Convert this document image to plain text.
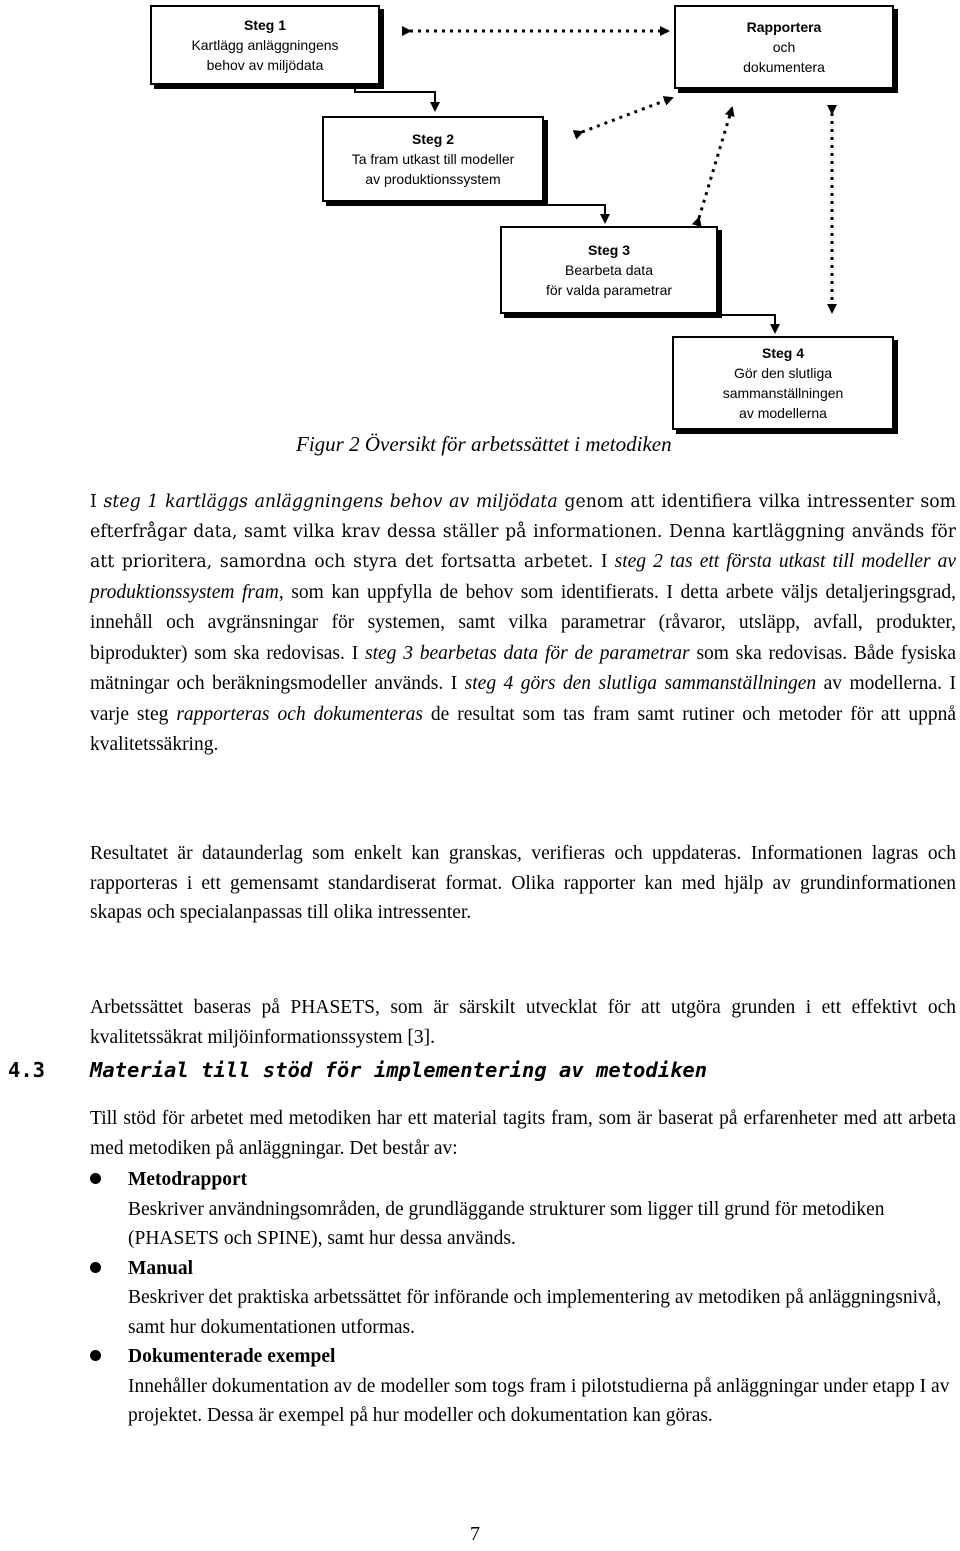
Steg 1
Kartlägg anläggningens
behov av miljödata
Rapportera
och
dokumentera
Steg 2
Ta fram utkast till modeller
av produktionssystem
Steg 3
Bearbeta data
för valda parametrar
Steg 4
Gör den slutliga
sammanställningen
av modellerna
Figur 2 Översikt för arbetssättet i metodiken
I steg 1 kartläggs anläggningens behov av miljödata genom att identifiera vilka intressenter som efterfrågar data, samt vilka krav dessa ställer på informationen. Denna kartläggning används för att prioritera, samordna och styra det fortsatta arbetet. I steg 2 tas ett första utkast till modeller av produktionssystem fram, som kan uppfylla de behov som identifierats. I detta arbete väljs detaljeringsgrad, innehåll och avgränsningar för systemen, samt vilka parametrar (råvaror, utsläpp, avfall, produkter, biprodukter) som ska redovisas. I steg 3 bearbetas data för de parametrar som ska redovisas. Både fysiska mätningar och beräkningsmodeller används. I steg 4 görs den slutliga sammanställningen av modellerna. I varje steg rapporteras och dokumenteras de resultat som tas fram samt rutiner och metoder för att uppnå kvalitetssäkring.
Resultatet är dataunderlag som enkelt kan granskas, verifieras och uppdateras. Informationen lagras och rapporteras i ett gemensamt standardiserat format. Olika rapporter kan med hjälp av grundinformationen skapas och specialanpassas till olika intressenter.
Arbetssättet baseras på PHASETS, som är särskilt utvecklat för att utgöra grunden i ett effektivt och kvalitetssäkrat miljöinformationssystem [3].
4.3 Material till stöd för implementering av metodiken
Till stöd för arbetet med metodiken har ett material tagits fram, som är baserat på erfarenheter med att arbeta med metodiken på anläggningar. Det består av:
Metodrapport
Beskriver användningsområden, de grundläggande strukturer som ligger till grund för metodiken (PHASETS och SPINE), samt hur dessa används.
Manual
Beskriver det praktiska arbetssättet för införande och implementering av metodiken på anläggningsnivå, samt hur dokumentationen utformas.
Dokumenterade exempel
Innehåller dokumentation av de modeller som togs fram i pilotstudierna på anläggningar under etapp I av projektet. Dessa är exempel på hur modeller och dokumentation kan göras.
7
